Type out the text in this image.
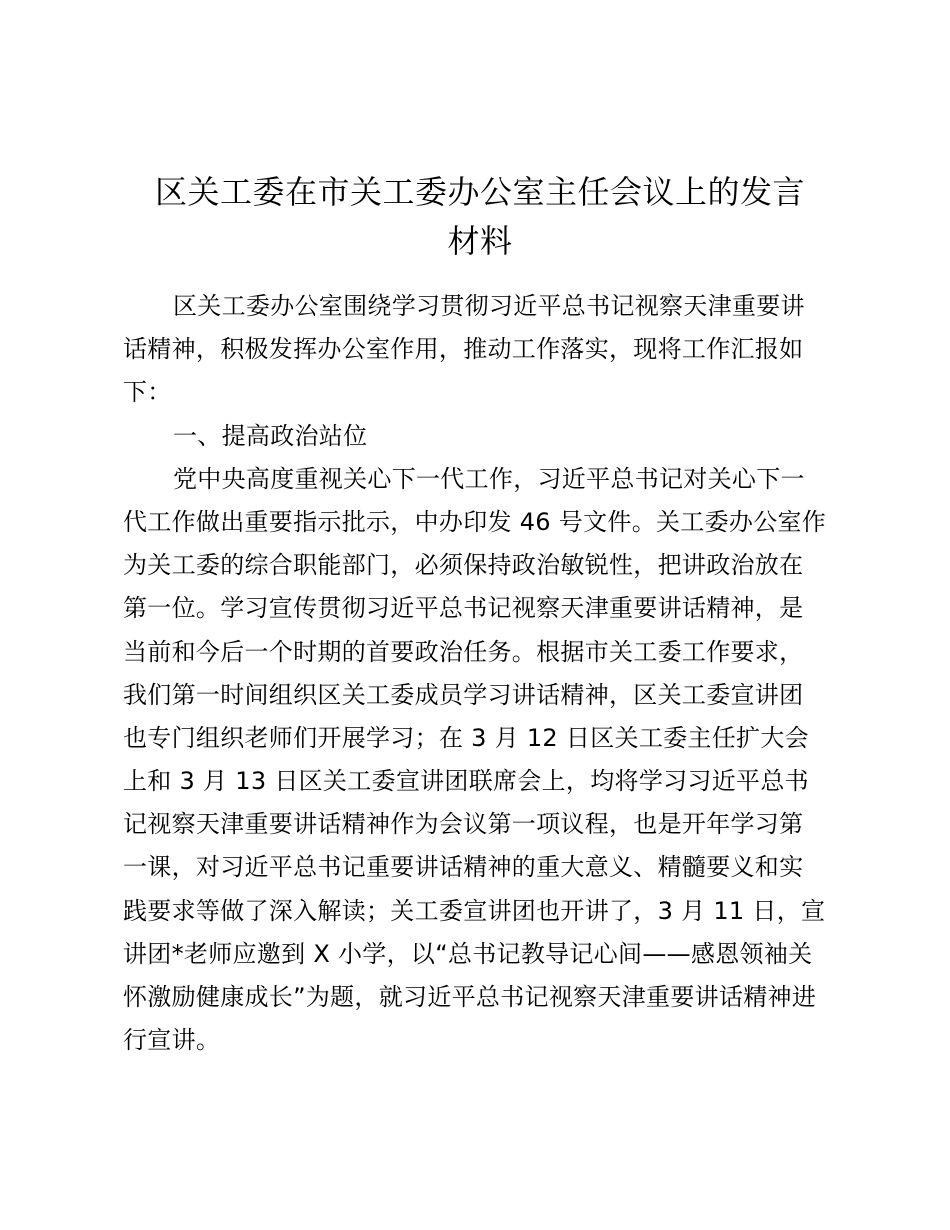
区关工委在市关工委办公室主任会议上的发言
材料
区关工委办公室围绕学习贯彻习近平总书记视察天津重要讲
话精神，积极发挥办公室作用，推动工作落实，现将工作汇报如
下：
一、提高政治站位
党中央高度重视关心下一代工作，习近平总书记对关心下一
代工作做出重要指示批示，中办印发 46 号文件。关工委办公室作
为关工委的综合职能部门，必须保持政治敏锐性，把讲政治放在
第一位。学习宣传贯彻习近平总书记视察天津重要讲话精神，是
当前和今后一个时期的首要政治任务。根据市关工委工作要求，
我们第一时间组织区关工委成员学习讲话精神，区关工委宣讲团
也专门组织老师们开展学习；在 3 月 12 日区关工委主任扩大会
上和 3 月 13 日区关工委宣讲团联席会上，均将学习习近平总书
记视察天津重要讲话精神作为会议第一项议程，也是开年学习第
一课，对习近平总书记重要讲话精神的重大意义、精髓要义和实
践要求等做了深入解读；关工委宣讲团也开讲了，3 月 11 日，宣
讲团*老师应邀到 X 小学，以“总书记教导记心间——感恩领袖关
怀激励健康成长”为题，就习近平总书记视察天津重要讲话精神进
行宣讲。
